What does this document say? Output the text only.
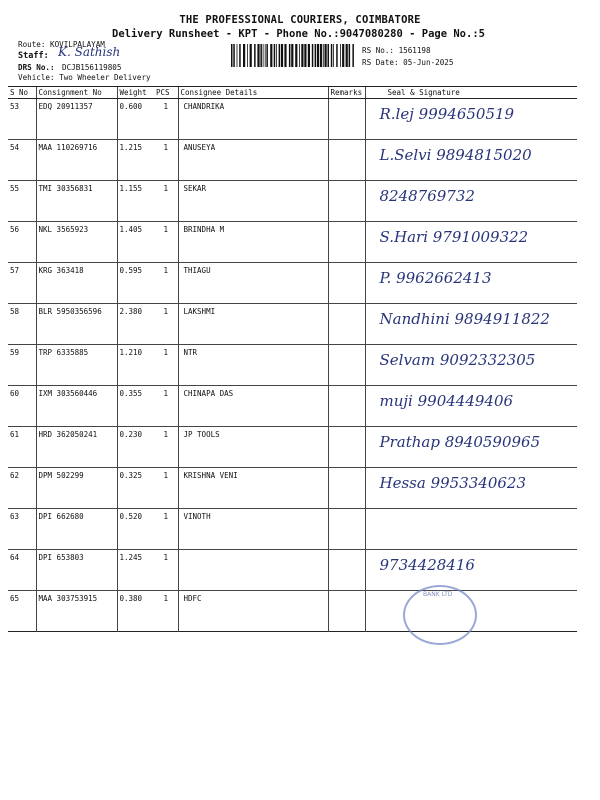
THE PROFESSIONAL COURIERS, COIMBATORE
Delivery Runsheet - KPT - Phone No.:9047080280 - Page No.:5
Route: KOVILPALAYAM
Staff: K. Sathish
DRS No.: DCJB156119805
Vehicle: Two Wheeler Delivery
RS No.: 1561198
RS Date: 05-Jun-2025
S No	Consignment No	Weight	PCS	Consignee Details	Remarks	Seal & Signature
53	EDQ 20911357	0.600	1	CHANDRIKA		R.lej 9994650519

54	MAA 110269716	1.215	1	ANUSEYA		L.Selvi 9894815020

55	TMI 30356831	1.155	1	SEKAR		8248769732

56	NKL 3565923	1.405	1	BRINDHA M		S.Hari 9791009322

57	KRG 363418	0.595	1	THIAGU		P. 9962662413

58	BLR 5950356596	2.380	1	LAKSHMI		Nandhini 9894911822

59	TRP 6335885	1.210	1	NTR		Selvam 9092332305

60	IXM 303560446	0.355	1	CHINAPA DAS		muji 9904449406

61	HRD 362050241	0.230	1	JP TOOLS		Prathap 8940590965

62	DPM 502299	0.325	1	KRISHNA VENI		Hessa 9953340623

63	DPI 662680	0.520	1	VINOTH		
64	DPI 653803	1.245	1			9734428416

65	MAA 303753915	0.380	1	HDFC			BANK LTD
